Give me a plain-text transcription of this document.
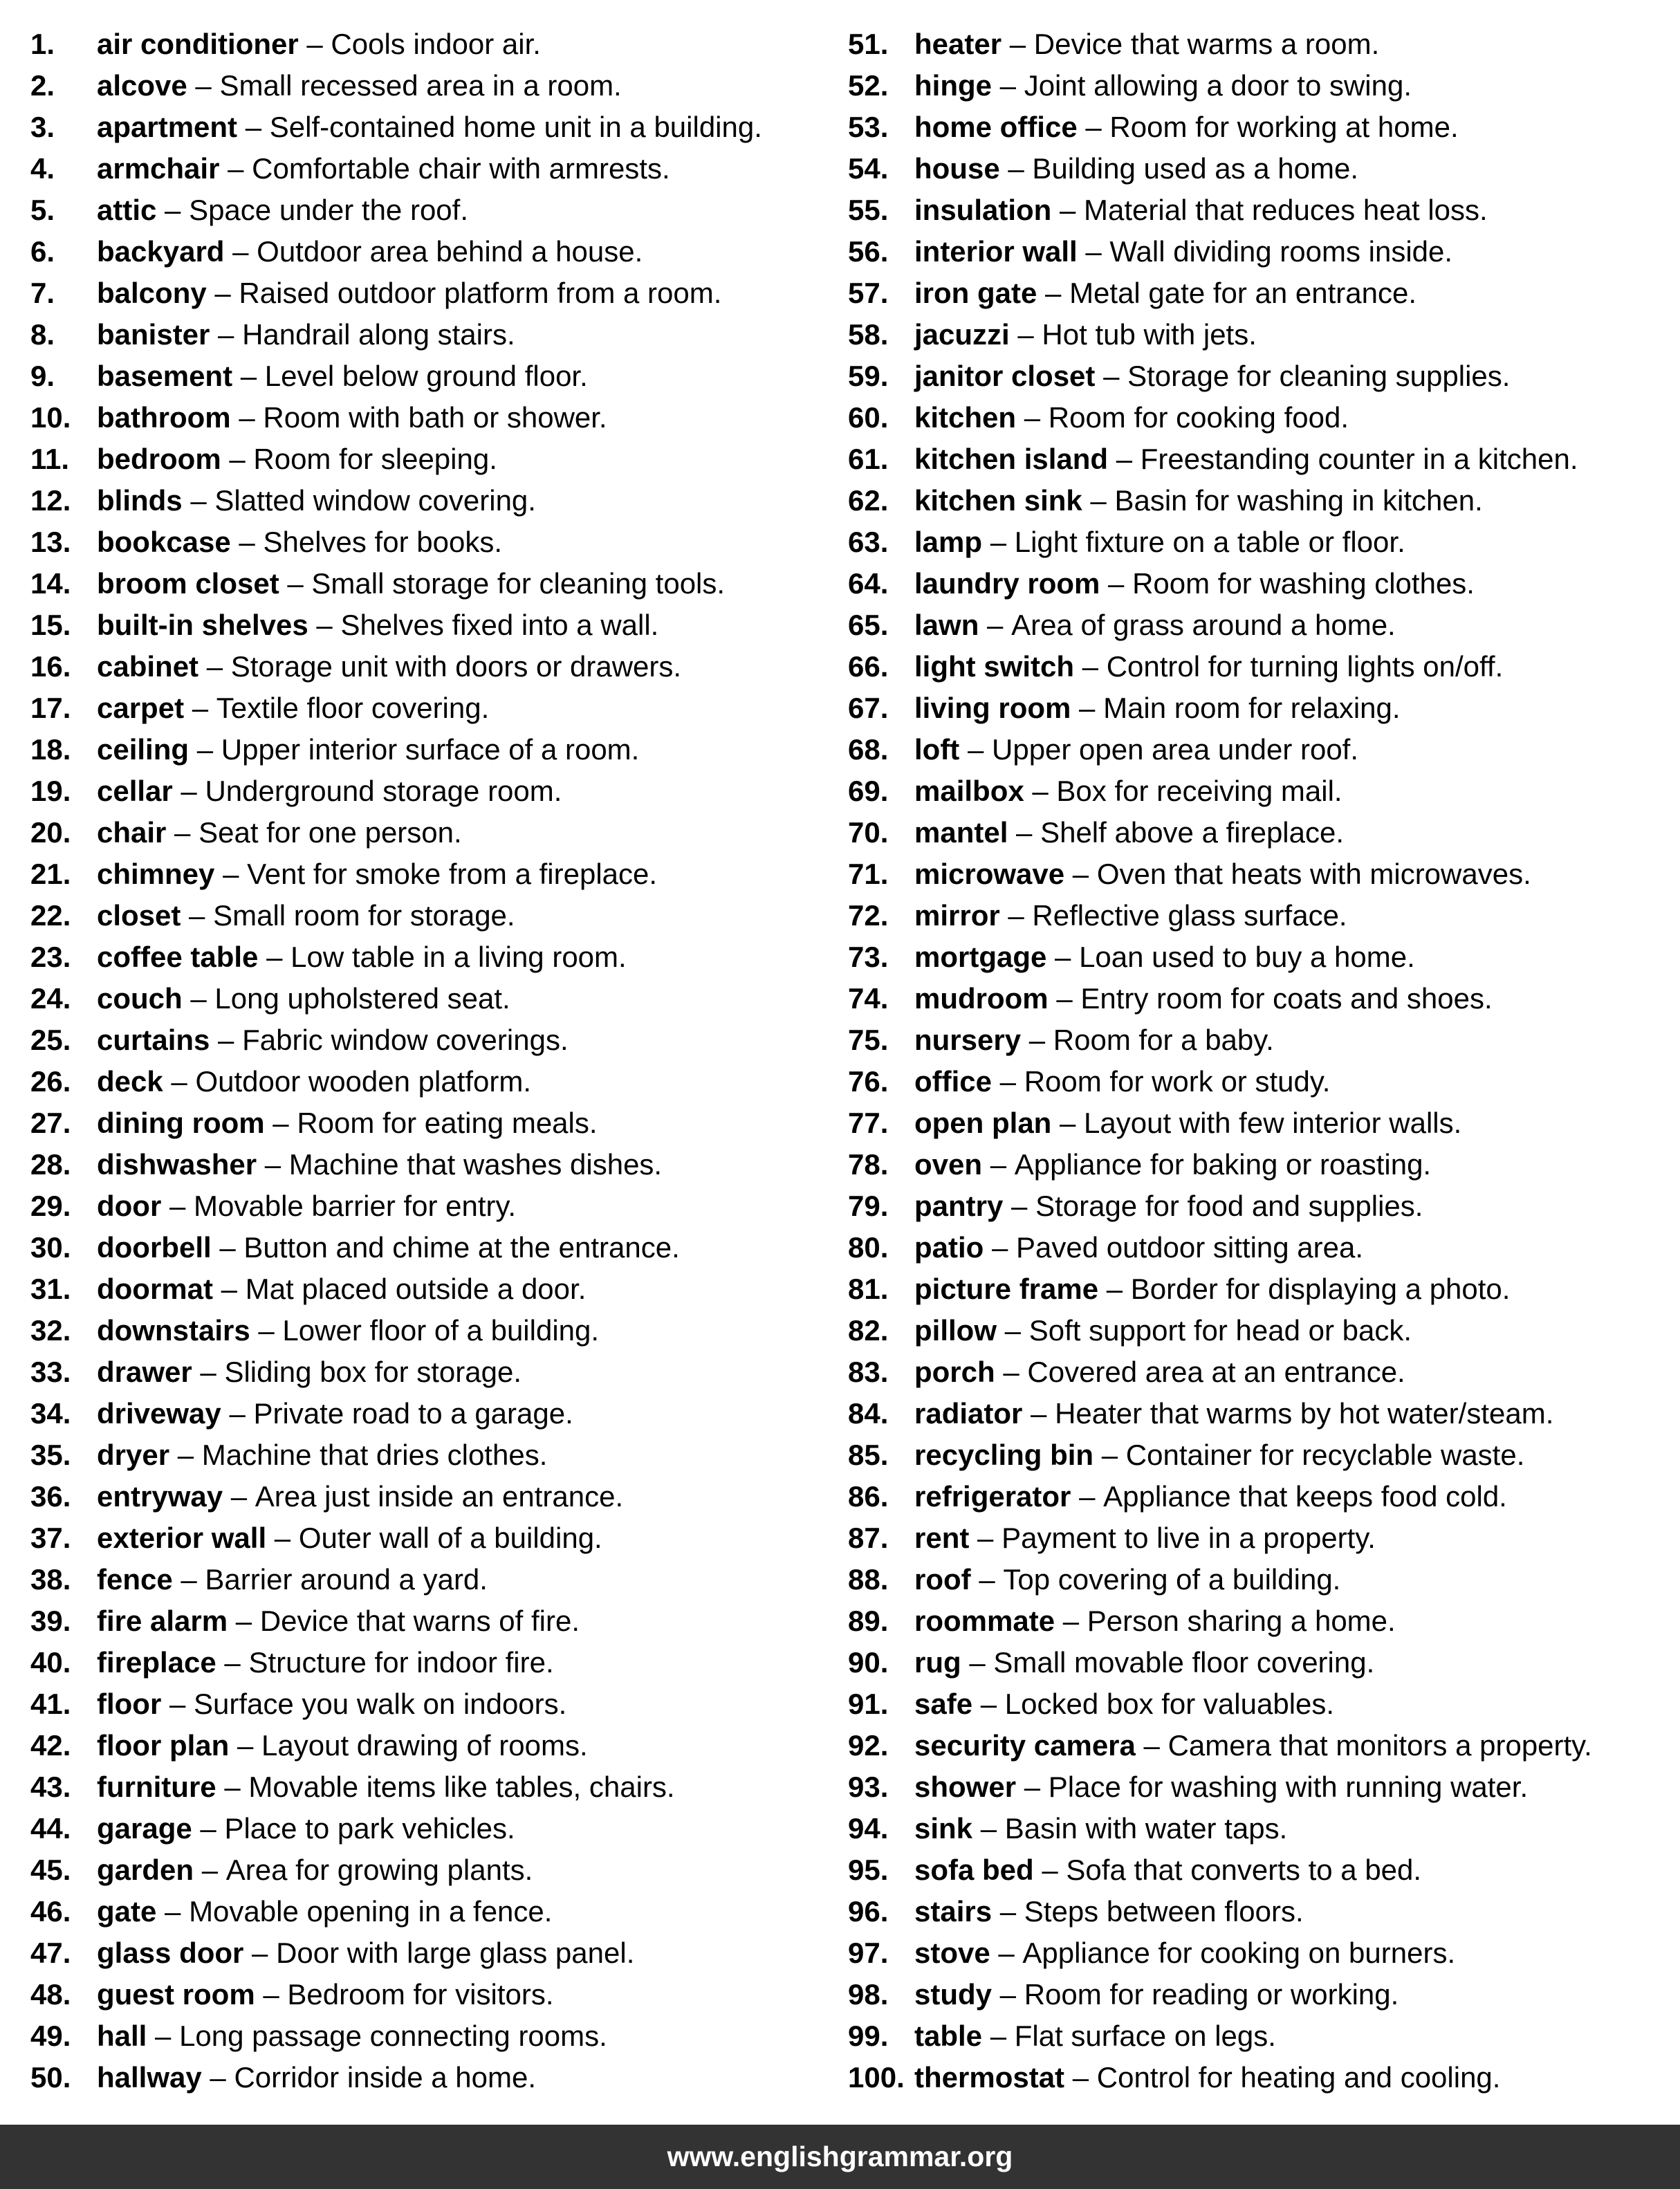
1.	air conditioner – Cools indoor air.
2.	alcove – Small recessed area in a room.
3.	apartment – Self-contained home unit in a building.
4.	armchair – Comfortable chair with armrests.
5.	attic – Space under the roof.
6.	backyard – Outdoor area behind a house.
7.	balcony – Raised outdoor platform from a room.
8.	banister – Handrail along stairs.
9.	basement – Level below ground floor.
10. bathroom – Room with bath or shower.
11. bedroom – Room for sleeping.
12. blinds – Slatted window covering.
13. bookcase – Shelves for books.
14. broom closet – Small storage for cleaning tools.
15. built-in shelves – Shelves fixed into a wall.
16. cabinet – Storage unit with doors or drawers.
17. carpet – Textile floor covering.
18. ceiling – Upper interior surface of a room.
19. cellar – Underground storage room.
20. chair – Seat for one person.
21. chimney – Vent for smoke from a fireplace.
22. closet – Small room for storage.
23. coffee table – Low table in a living room.
24. couch – Long upholstered seat.
25. curtains – Fabric window coverings.
26. deck – Outdoor wooden platform.
27. dining room – Room for eating meals.
28. dishwasher – Machine that washes dishes.
29. door – Movable barrier for entry.
30. doorbell – Button and chime at the entrance.
31. doormat – Mat placed outside a door.
32. downstairs – Lower floor of a building.
33. drawer – Sliding box for storage.
34. driveway – Private road to a garage.
35. dryer – Machine that dries clothes.
36. entryway – Area just inside an entrance.
37. exterior wall – Outer wall of a building.
38. fence – Barrier around a yard.
39. fire alarm – Device that warns of fire.
40. fireplace – Structure for indoor fire.
41. floor – Surface you walk on indoors.
42. floor plan – Layout drawing of rooms.
43. furniture – Movable items like tables, chairs.
44. garage – Place to park vehicles.
45. garden – Area for growing plants.
46. gate – Movable opening in a fence.
47. glass door – Door with large glass panel.
48. guest room – Bedroom for visitors.
49. hall – Long passage connecting rooms.
50. hallway – Corridor inside a home.
51. heater – Device that warms a room.
52. hinge – Joint allowing a door to swing.
53. home office – Room for working at home.
54. house – Building used as a home.
55. insulation – Material that reduces heat loss.
56. interior wall – Wall dividing rooms inside.
57. iron gate – Metal gate for an entrance.
58. jacuzzi – Hot tub with jets.
59. janitor closet – Storage for cleaning supplies.
60. kitchen – Room for cooking food.
61. kitchen island – Freestanding counter in a kitchen.
62. kitchen sink – Basin for washing in kitchen.
63. lamp – Light fixture on a table or floor.
64. laundry room – Room for washing clothes.
65. lawn – Area of grass around a home.
66. light switch – Control for turning lights on/off.
67. living room – Main room for relaxing.
68. loft – Upper open area under roof.
69. mailbox – Box for receiving mail.
70. mantel – Shelf above a fireplace.
71. microwave – Oven that heats with microwaves.
72. mirror – Reflective glass surface.
73. mortgage – Loan used to buy a home.
74. mudroom – Entry room for coats and shoes.
75. nursery – Room for a baby.
76. office – Room for work or study.
77. open plan – Layout with few interior walls.
78. oven – Appliance for baking or roasting.
79. pantry – Storage for food and supplies.
80. patio – Paved outdoor sitting area.
81. picture frame – Border for displaying a photo.
82. pillow – Soft support for head or back.
83. porch – Covered area at an entrance.
84. radiator – Heater that warms by hot water/steam.
85. recycling bin – Container for recyclable waste.
86. refrigerator – Appliance that keeps food cold.
87. rent – Payment to live in a property.
88. roof – Top covering of a building.
89. roommate – Person sharing a home.
90. rug – Small movable floor covering.
91. safe – Locked box for valuables.
92. security camera – Camera that monitors a property.
93. shower – Place for washing with running water.
94. sink – Basin with water taps.
95. sofa bed – Sofa that converts to a bed.
96. stairs – Steps between floors.
97. stove – Appliance for cooking on burners.
98. study – Room for reading or working.
99. table – Flat surface on legs.
100. thermostat – Control for heating and cooling.
www.englishgrammar.org
